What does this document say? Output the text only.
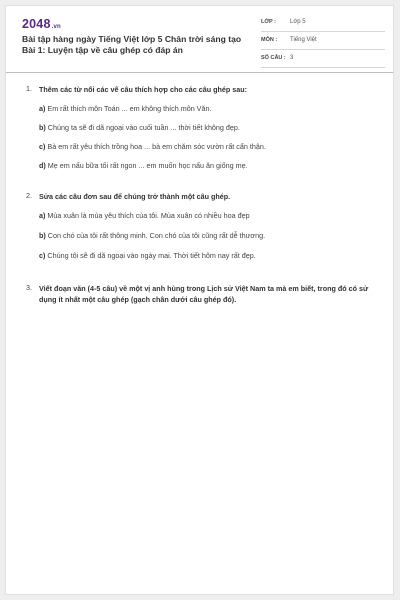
2048.vn
Bài tập hàng ngày Tiếng Việt lớp 5 Chân trời sáng tạo Bài 1: Luyện tập về câu ghép có đáp án
LỚP : Lớp 5
MÔN : Tiếng Việt
SỐ CÂU : 3
1. Thêm các từ nối các vế câu thích hợp cho các câu ghép sau:
a) Em rất thích môn Toán ... em không thích môn Văn.
b) Chúng ta sẽ đi dã ngoại vào cuối tuần ... thời tiết không đẹp.
c) Bà em rất yêu thích trồng hoa ... bà em chăm sóc vườn rất cẩn thận.
d) Mẹ em nấu bữa tối rất ngon ... em muốn học nấu ăn giống mẹ.
2. Sửa các câu đơn sau để chúng trở thành một câu ghép.
a) Mùa xuân là mùa yêu thích của tôi. Mùa xuân có nhiều hoa đẹp
b) Con chó của tôi rất thông minh. Con chó của tôi cũng rất dễ thương.
c) Chúng tôi sẽ đi dã ngoại vào ngày mai. Thời tiết hôm nay rất đẹp.
3. Viết đoạn văn (4-5 câu) về một vị anh hùng trong Lịch sử Việt Nam ta mà em biết, trong đó có sử dụng ít nhất một câu ghép (gạch chân dưới câu ghép đó).
